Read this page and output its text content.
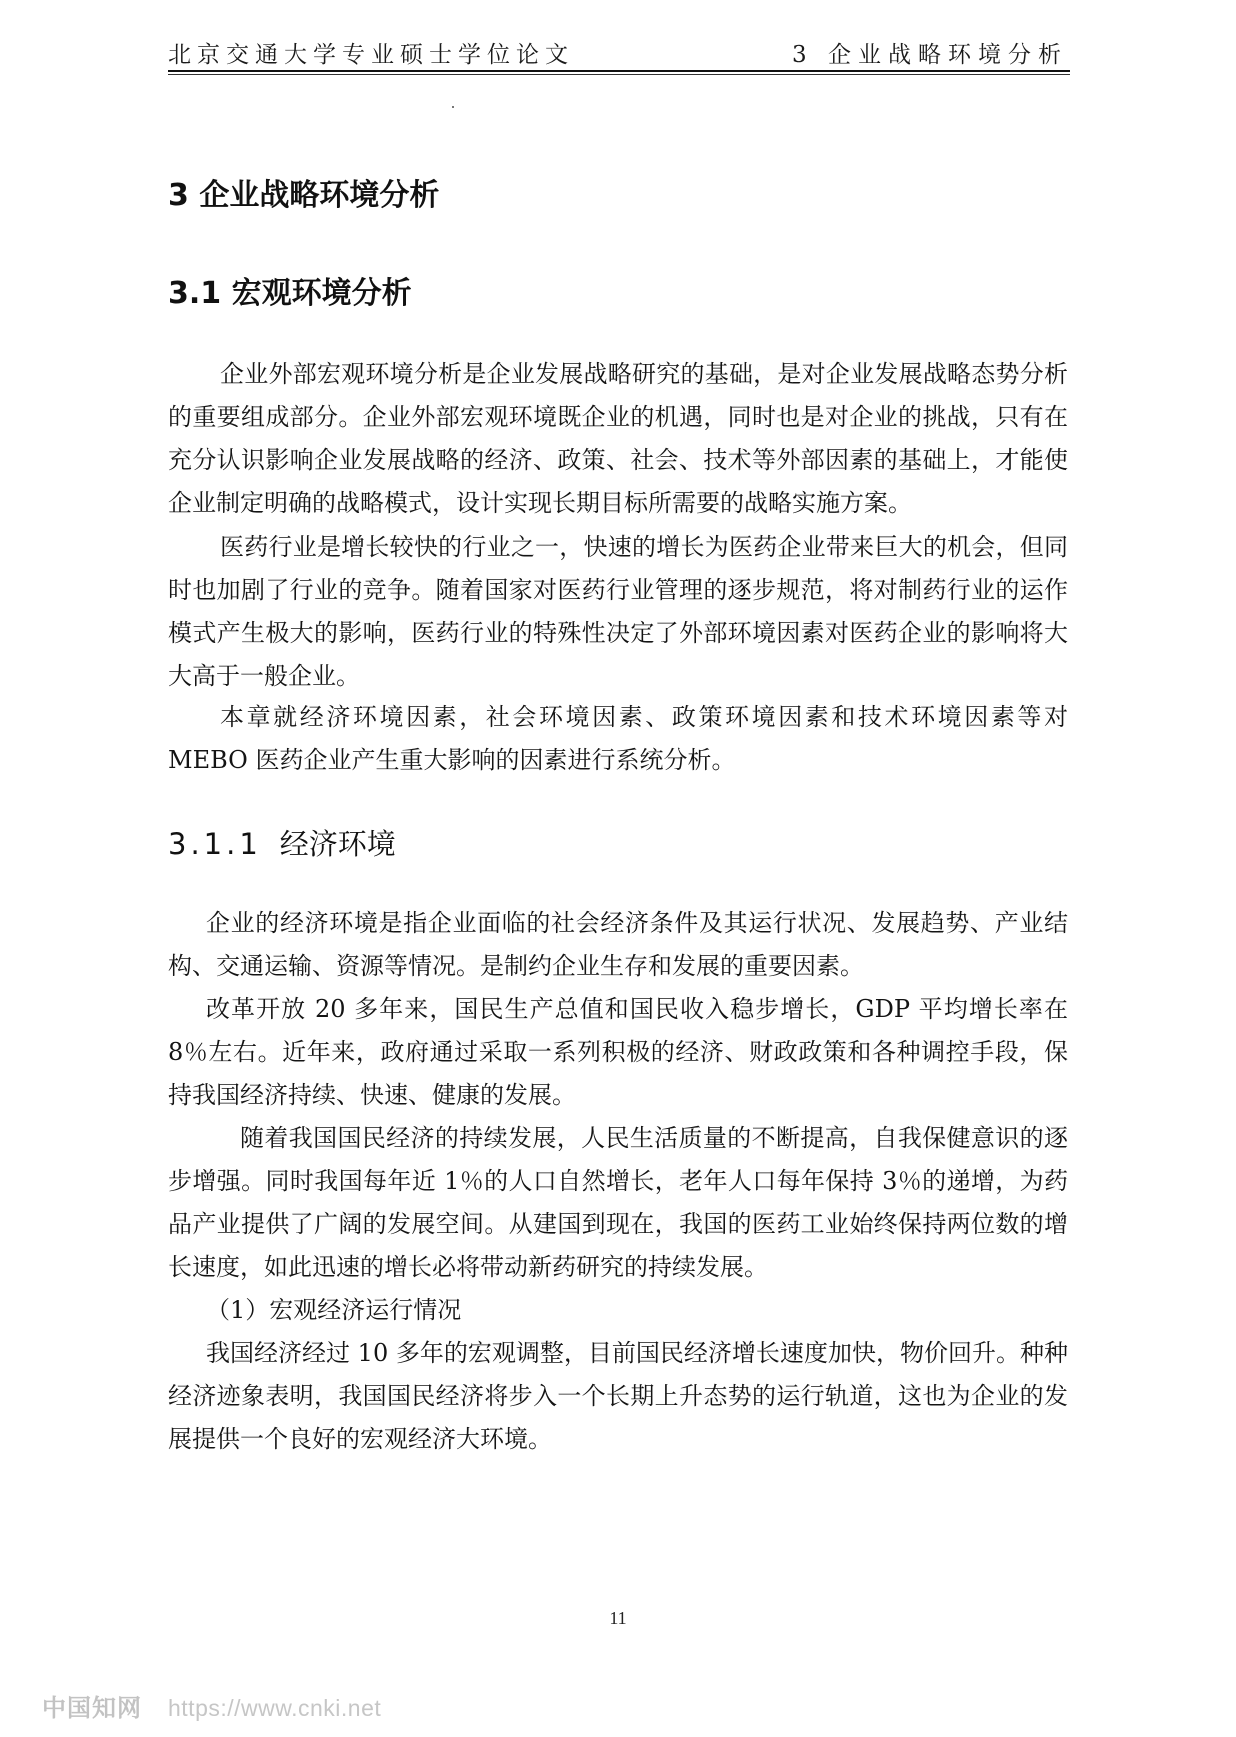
北京交通大学专业硕士学位论文	3 企业战略环境分析
3 企业战略环境分析
3.1 宏观环境分析
企业外部宏观环境分析是企业发展战略研究的基础，是对企业发展战略态势分析的重要组成部分。企业外部宏观环境既企业的机遇，同时也是对企业的挑战，只有在充分认识影响企业发展战略的经济、政策、社会、技术等外部因素的基础上，才能使企业制定明确的战略模式，设计实现长期目标所需要的战略实施方案。
医药行业是增长较快的行业之一，快速的增长为医药企业带来巨大的机会，但同时也加剧了行业的竞争。随着国家对医药行业管理的逐步规范，将对制药行业的运作模式产生极大的影响，医药行业的特殊性决定了外部环境因素对医药企业的影响将大大高于一般企业。
本章就经济环境因素，社会环境因素、政策环境因素和技术环境因素等对 MEBO 医药企业产生重大影响的因素进行系统分析。
3.1.1 经济环境
企业的经济环境是指企业面临的社会经济条件及其运行状况、发展趋势、产业结构、交通运输、资源等情况。是制约企业生存和发展的重要因素。
改革开放 20 多年来，国民生产总值和国民收入稳步增长，GDP 平均增长率在 8％左右。近年来，政府通过采取一系列积极的经济、财政政策和各种调控手段，保持我国经济持续、快速、健康的发展。
随着我国国民经济的持续发展，人民生活质量的不断提高，自我保健意识的逐步增强。同时我国每年近 1％的人口自然增长，老年人口每年保持 3％的递增，为药品产业提供了广阔的发展空间。从建国到现在，我国的医药工业始终保持两位数的增长速度，如此迅速的增长必将带动新药研究的持续发展。
（1）宏观经济运行情况
我国经济经过 10 多年的宏观调整，目前国民经济增长速度加快，物价回升。种种经济迹象表明，我国国民经济将步入一个长期上升态势的运行轨道，这也为企业的发展提供一个良好的宏观经济大环境。
11
中国知网 https://www.cnki.net
